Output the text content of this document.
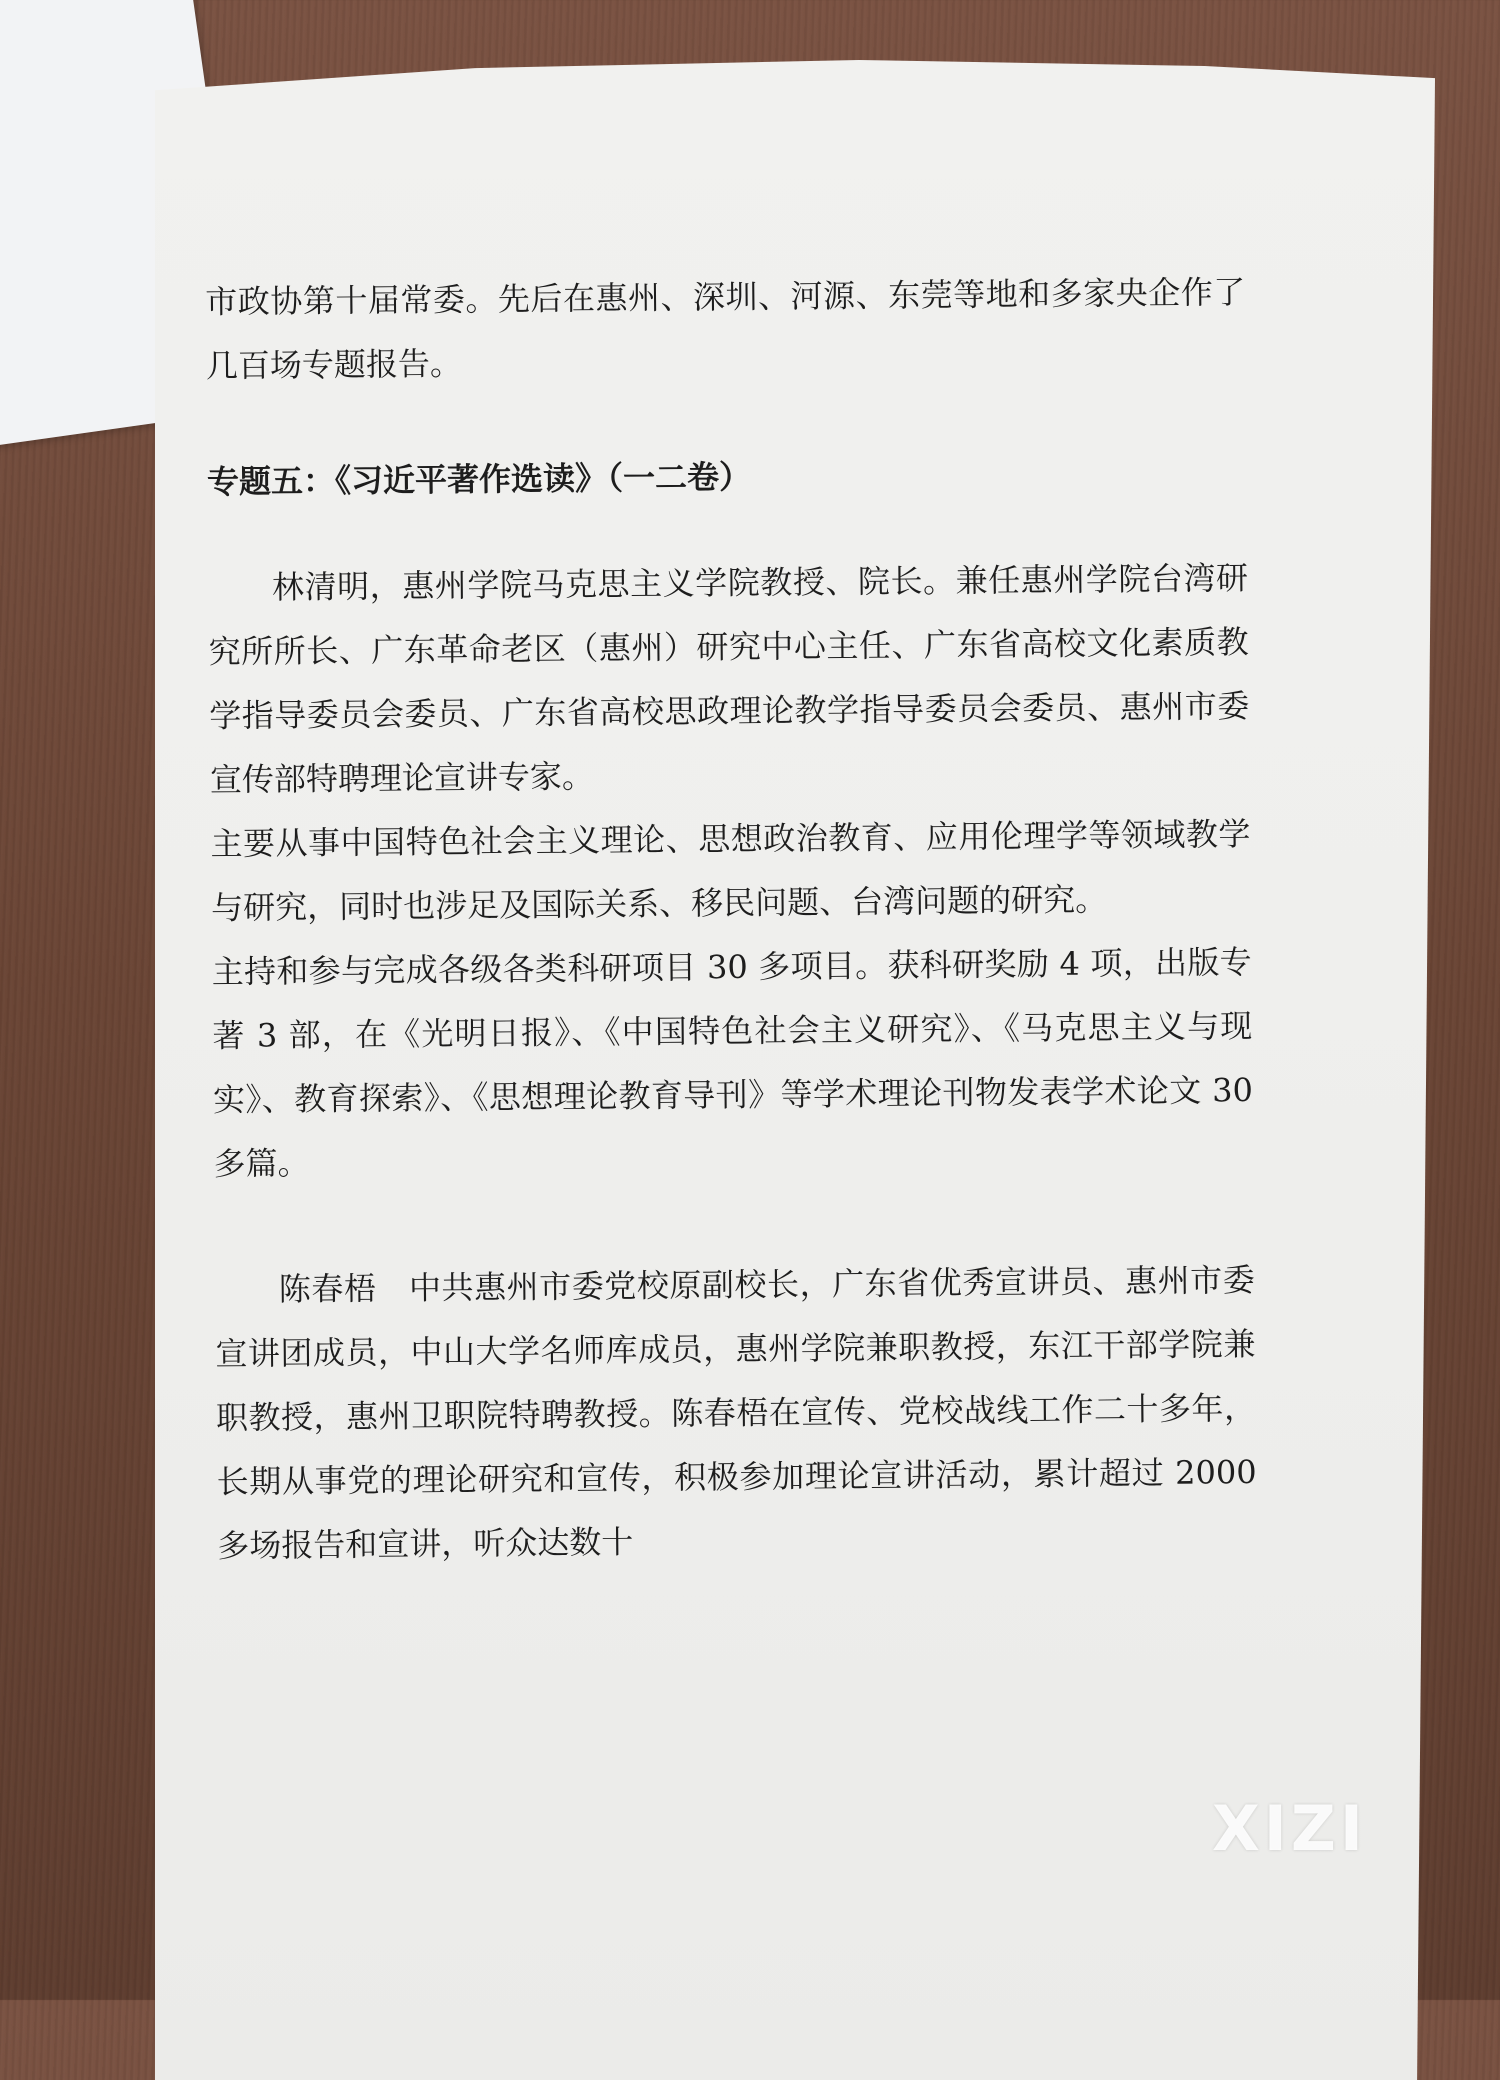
市政协第十届常委。先后在惠州、深圳、河源、东莞等地和多家央企作了几百场专题报告。

专题五：《习近平著作选读》（一二卷）

林清明，惠州学院马克思主义学院教授、院长。兼任惠州学院台湾研究所所长、广东革命老区（惠州）研究中心主任、广东省高校文化素质教学指导委员会委员、广东省高校思政理论教学指导委员会委员、惠州市委宣传部特聘理论宣讲专家。

主要从事中国特色社会主义理论、思想政治教育、应用伦理学等领域教学与研究，同时也涉足及国际关系、移民问题、台湾问题的研究。

主持和参与完成各级各类科研项目 30 多项目。获科研奖励 4 项，出版专著 3 部，在《光明日报》、《中国特色社会主义研究》、《马克思主义与现实》、教育探索》、《思想理论教育导刊》等学术理论刊物发表学术论文 30 多篇。

陈春梧　中共惠州市委党校原副校长，广东省优秀宣讲员、惠州市委宣讲团成员，中山大学名师库成员，惠州学院兼职教授，东江干部学院兼职教授，惠州卫职院特聘教授。陈春梧在宣传、党校战线工作二十多年，长期从事党的理论研究和宣传，积极参加理论宣讲活动，累计超过 2000 多场报告和宣讲，听众达数十

XIZI
